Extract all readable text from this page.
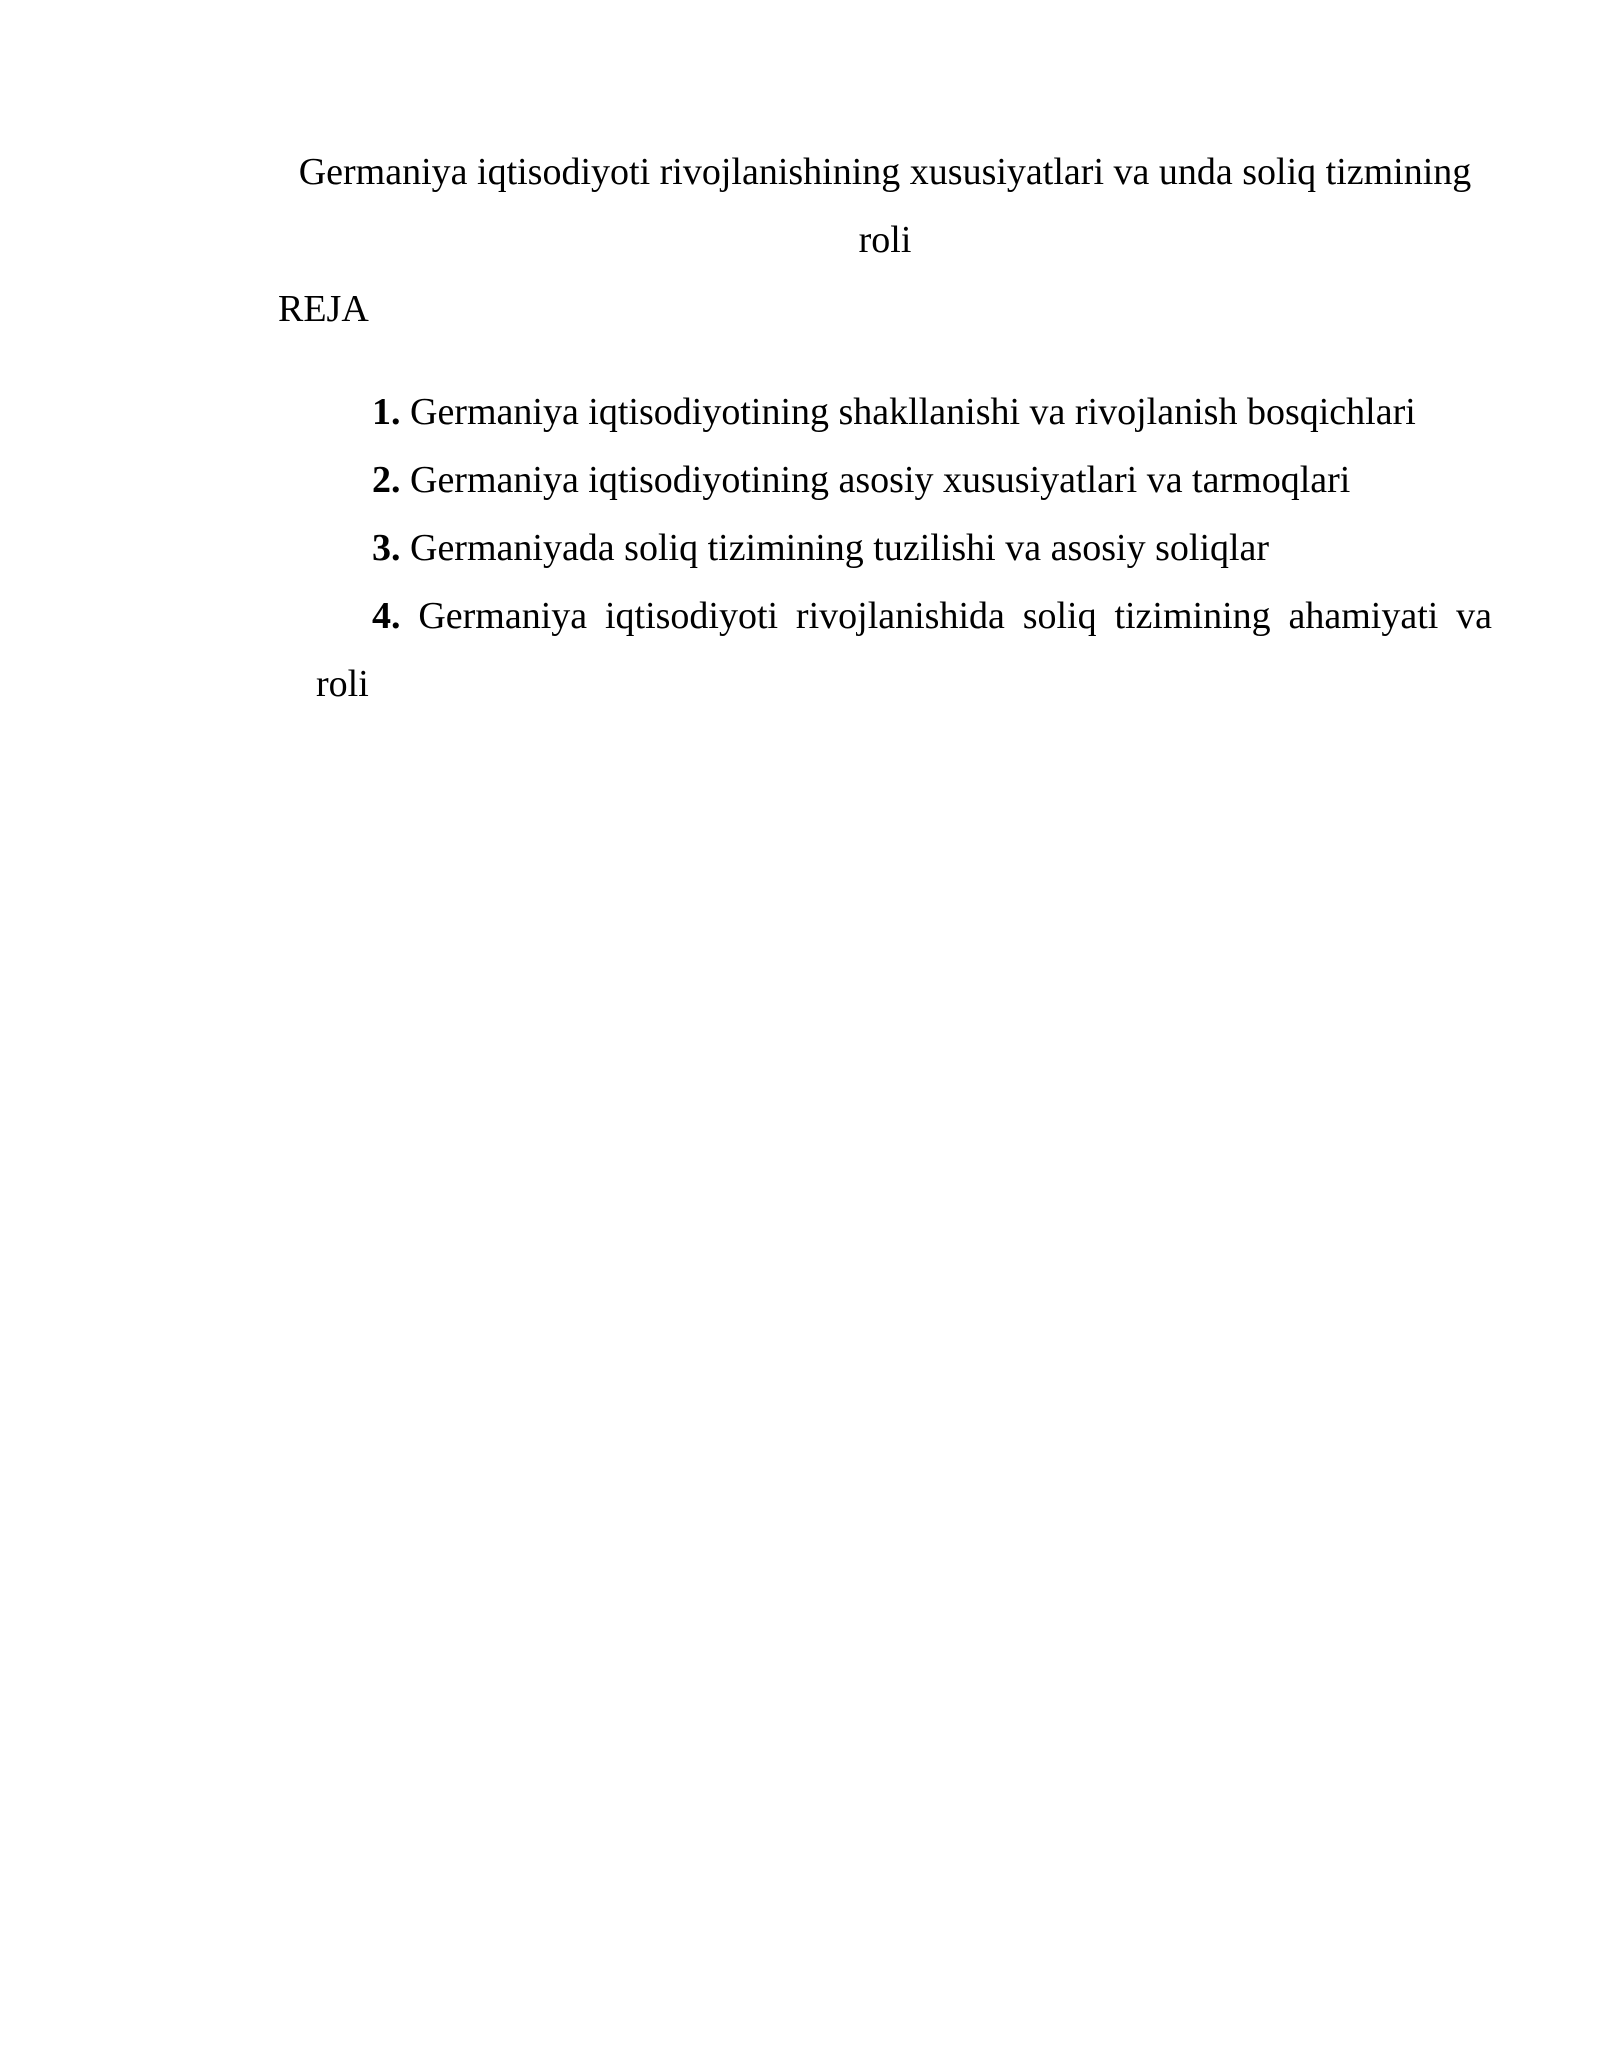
Germaniya iqtisodiyoti rivojlanishining xususiyatlari va unda soliq tizmining
roli
REJA
1. Germaniya iqtisodiyotining shakllanishi va rivojlanish bosqichlari
2. Germaniya iqtisodiyotining asosiy xususiyatlari va tarmoqlari
3. Germaniyada soliq tizimining tuzilishi va asosiy soliqlar
4. Germaniya iqtisodiyoti rivojlanishida soliq tizimining ahamiyati va
roli
